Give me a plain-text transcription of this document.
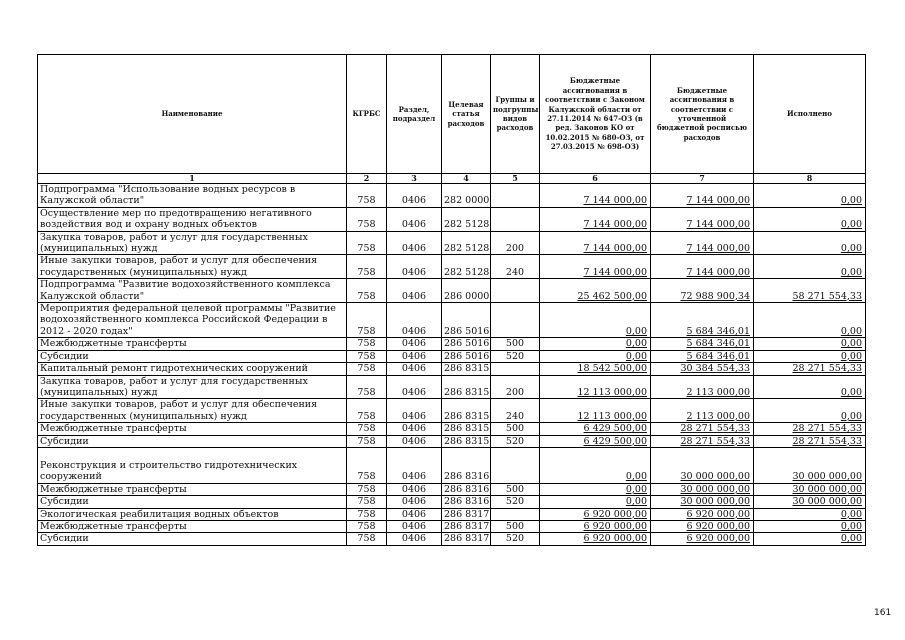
Наименование	КГРБС	Раздел, подраздел	Целевая статья расходов	Группы и подгруппы видов расходов	Бюджетные ассигнования в соответствии с Законом Калужской области от 27.11.2014 № 647-ОЗ (в ред. Законов КО от 10.02.2015 № 680-ОЗ, от 27.03.2015 № 698-ОЗ)	Бюджетные ассигнования в соответствии с уточненной бюджетной росписью расходов	Исполнено
1	2	3	4	5	6	7	8
Подпрограмма "Использование водных ресурсов в Калужской области"	758	0406	282 0000		7 144 000,00	7 144 000,00	0,00
Осуществление мер по предотвращению негативного воздействия вод и охрану водных объектов	758	0406	282 5128		7 144 000,00	7 144 000,00	0,00
Закупка товаров, работ и услуг для государственных (муниципальных) нужд	758	0406	282 5128	200	7 144 000,00	7 144 000,00	0,00
Иные закупки товаров, работ и услуг для обеспечения государственных (муниципальных) нужд	758	0406	282 5128	240	7 144 000,00	7 144 000,00	0,00
Подпрограмма "Развитие водохозяйственного комплекса Калужской области"	758	0406	286 0000		25 462 500,00	72 988 900,34	58 271 554,33
Мероприятия федеральной целевой программы "Развитие водохозяйственного комплекса Российской Федерации в 2012 - 2020 годах"	758	0406	286 5016		0,00	5 684 346,01	0,00
Межбюджетные трансферты	758	0406	286 5016	500	0,00	5 684 346,01	0,00
Субсидии	758	0406	286 5016	520	0,00	5 684 346,01	0,00
Капитальный ремонт гидротехнических сооружений	758	0406	286 8315		18 542 500,00	30 384 554,33	28 271 554,33
Закупка товаров, работ и услуг для государственных (муниципальных) нужд	758	0406	286 8315	200	12 113 000,00	2 113 000,00	0,00
Иные закупки товаров, работ и услуг для обеспечения государственных (муниципальных) нужд	758	0406	286 8315	240	12 113 000,00	2 113 000,00	0,00
Межбюджетные трансферты	758	0406	286 8315	500	6 429 500,00	28 271 554,33	28 271 554,33
Субсидии	758	0406	286 8315	520	6 429 500,00	28 271 554,33	28 271 554,33
Реконструкция и строительство гидротехнических сооружений	758	0406	286 8316		0,00	30 000 000,00	30 000 000,00
Межбюджетные трансферты	758	0406	286 8316	500	0,00	30 000 000,00	30 000 000,00
Субсидии	758	0406	286 8316	520	0,00	30 000 000,00	30 000 000,00
Экологическая реабилитация водных объектов	758	0406	286 8317		6 920 000,00	6 920 000,00	0,00
Межбюджетные трансферты	758	0406	286 8317	500	6 920 000,00	6 920 000,00	0,00
Субсидии	758	0406	286 8317	520	6 920 000,00	6 920 000,00	0,00
161
